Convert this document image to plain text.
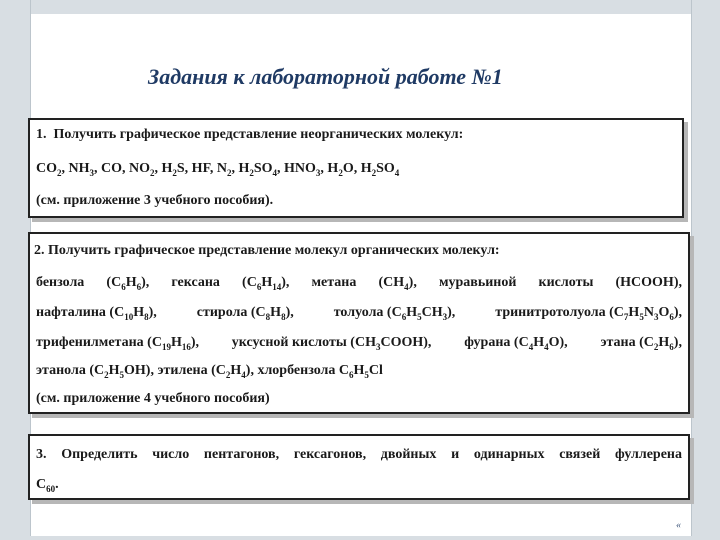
Задания к лабораторной работе №1
1. Получить графическое представление неорганических молекул:
$CO_2$, $NH_3$, CO, $NO_2$, $H_2S$, HF, $N_2$, $H_2SO_4$, $HNO_3$, $H_2O$, $H_2SO_4$
(см. приложение 3 учебного пособия).
2. Получить графическое представление молекул органических молекул:
бензола $(C_6H_6)$, гексана $(C_6H_{14})$, метана $(CH_4)$, муравьиной кислоты (HCOOH),
нафталина $(C_{10}H_8)$,	стирола $(C_8H_8)$,	толуола $(C_6H_5CH_3)$,	тринитротолуола $(C_7H_5N_3O_6)$,
трифенилметана $(C_{19}H_{16})$, уксусной кислоты $(CH_3COOH)$, фурана $(C_4H_4O)$, этана $(C_2H_6)$,
этанола $(C_2H_5OH)$, этилена $(C_2H_4)$, хлорбензола $C_6H_5Cl$
(см. приложение 4 учебного пособия)
3. Определить число пентагонов, гексагонов, двойных и одинарных связей фуллерена
$C_{60}$.
«
